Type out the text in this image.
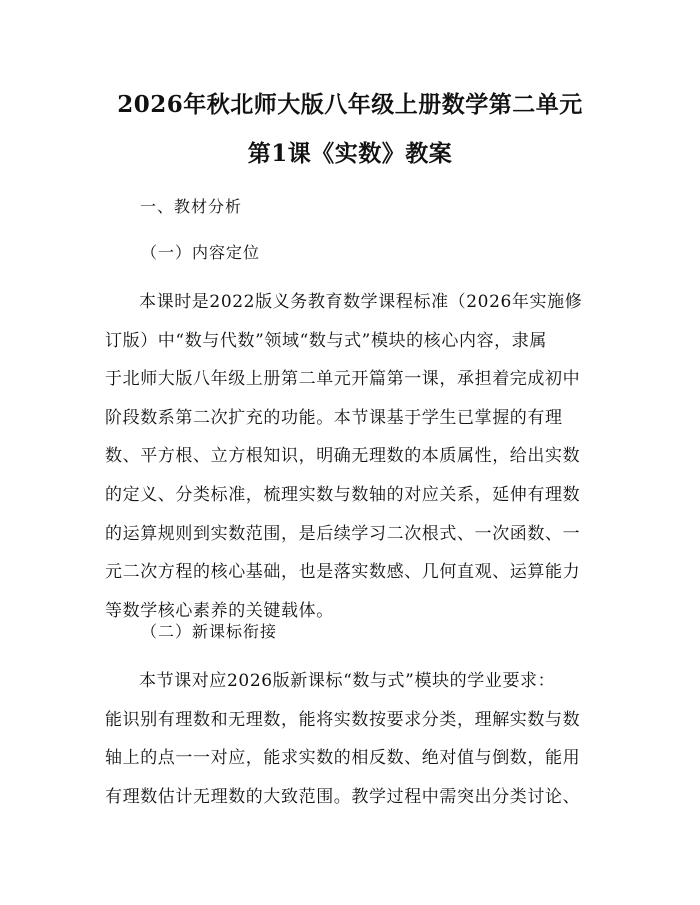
2026年秋北师大版八年级上册数学第二单元
第1课《实数》教案
一、教材分析
（一）内容定位
本课时是2022版义务教育数学课程标准（2026年实施修
订版）中“数与代数”领域“数与式”模块的核心内容，隶属
于北师大版八年级上册第二单元开篇第一课，承担着完成初中
阶段数系第二次扩充的功能。本节课基于学生已掌握的有理
数、平方根、立方根知识，明确无理数的本质属性，给出实数
的定义、分类标准，梳理实数与数轴的对应关系，延伸有理数
的运算规则到实数范围，是后续学习二次根式、一次函数、一
元二次方程的核心基础，也是落实数感、几何直观、运算能力
等数学核心素养的关键载体。
（二）新课标衔接
本节课对应2026版新课标“数与式”模块的学业要求：
能识别有理数和无理数，能将实数按要求分类，理解实数与数
轴上的点一一对应，能求实数的相反数、绝对值与倒数，能用
有理数估计无理数的大致范围。教学过程中需突出分类讨论、
